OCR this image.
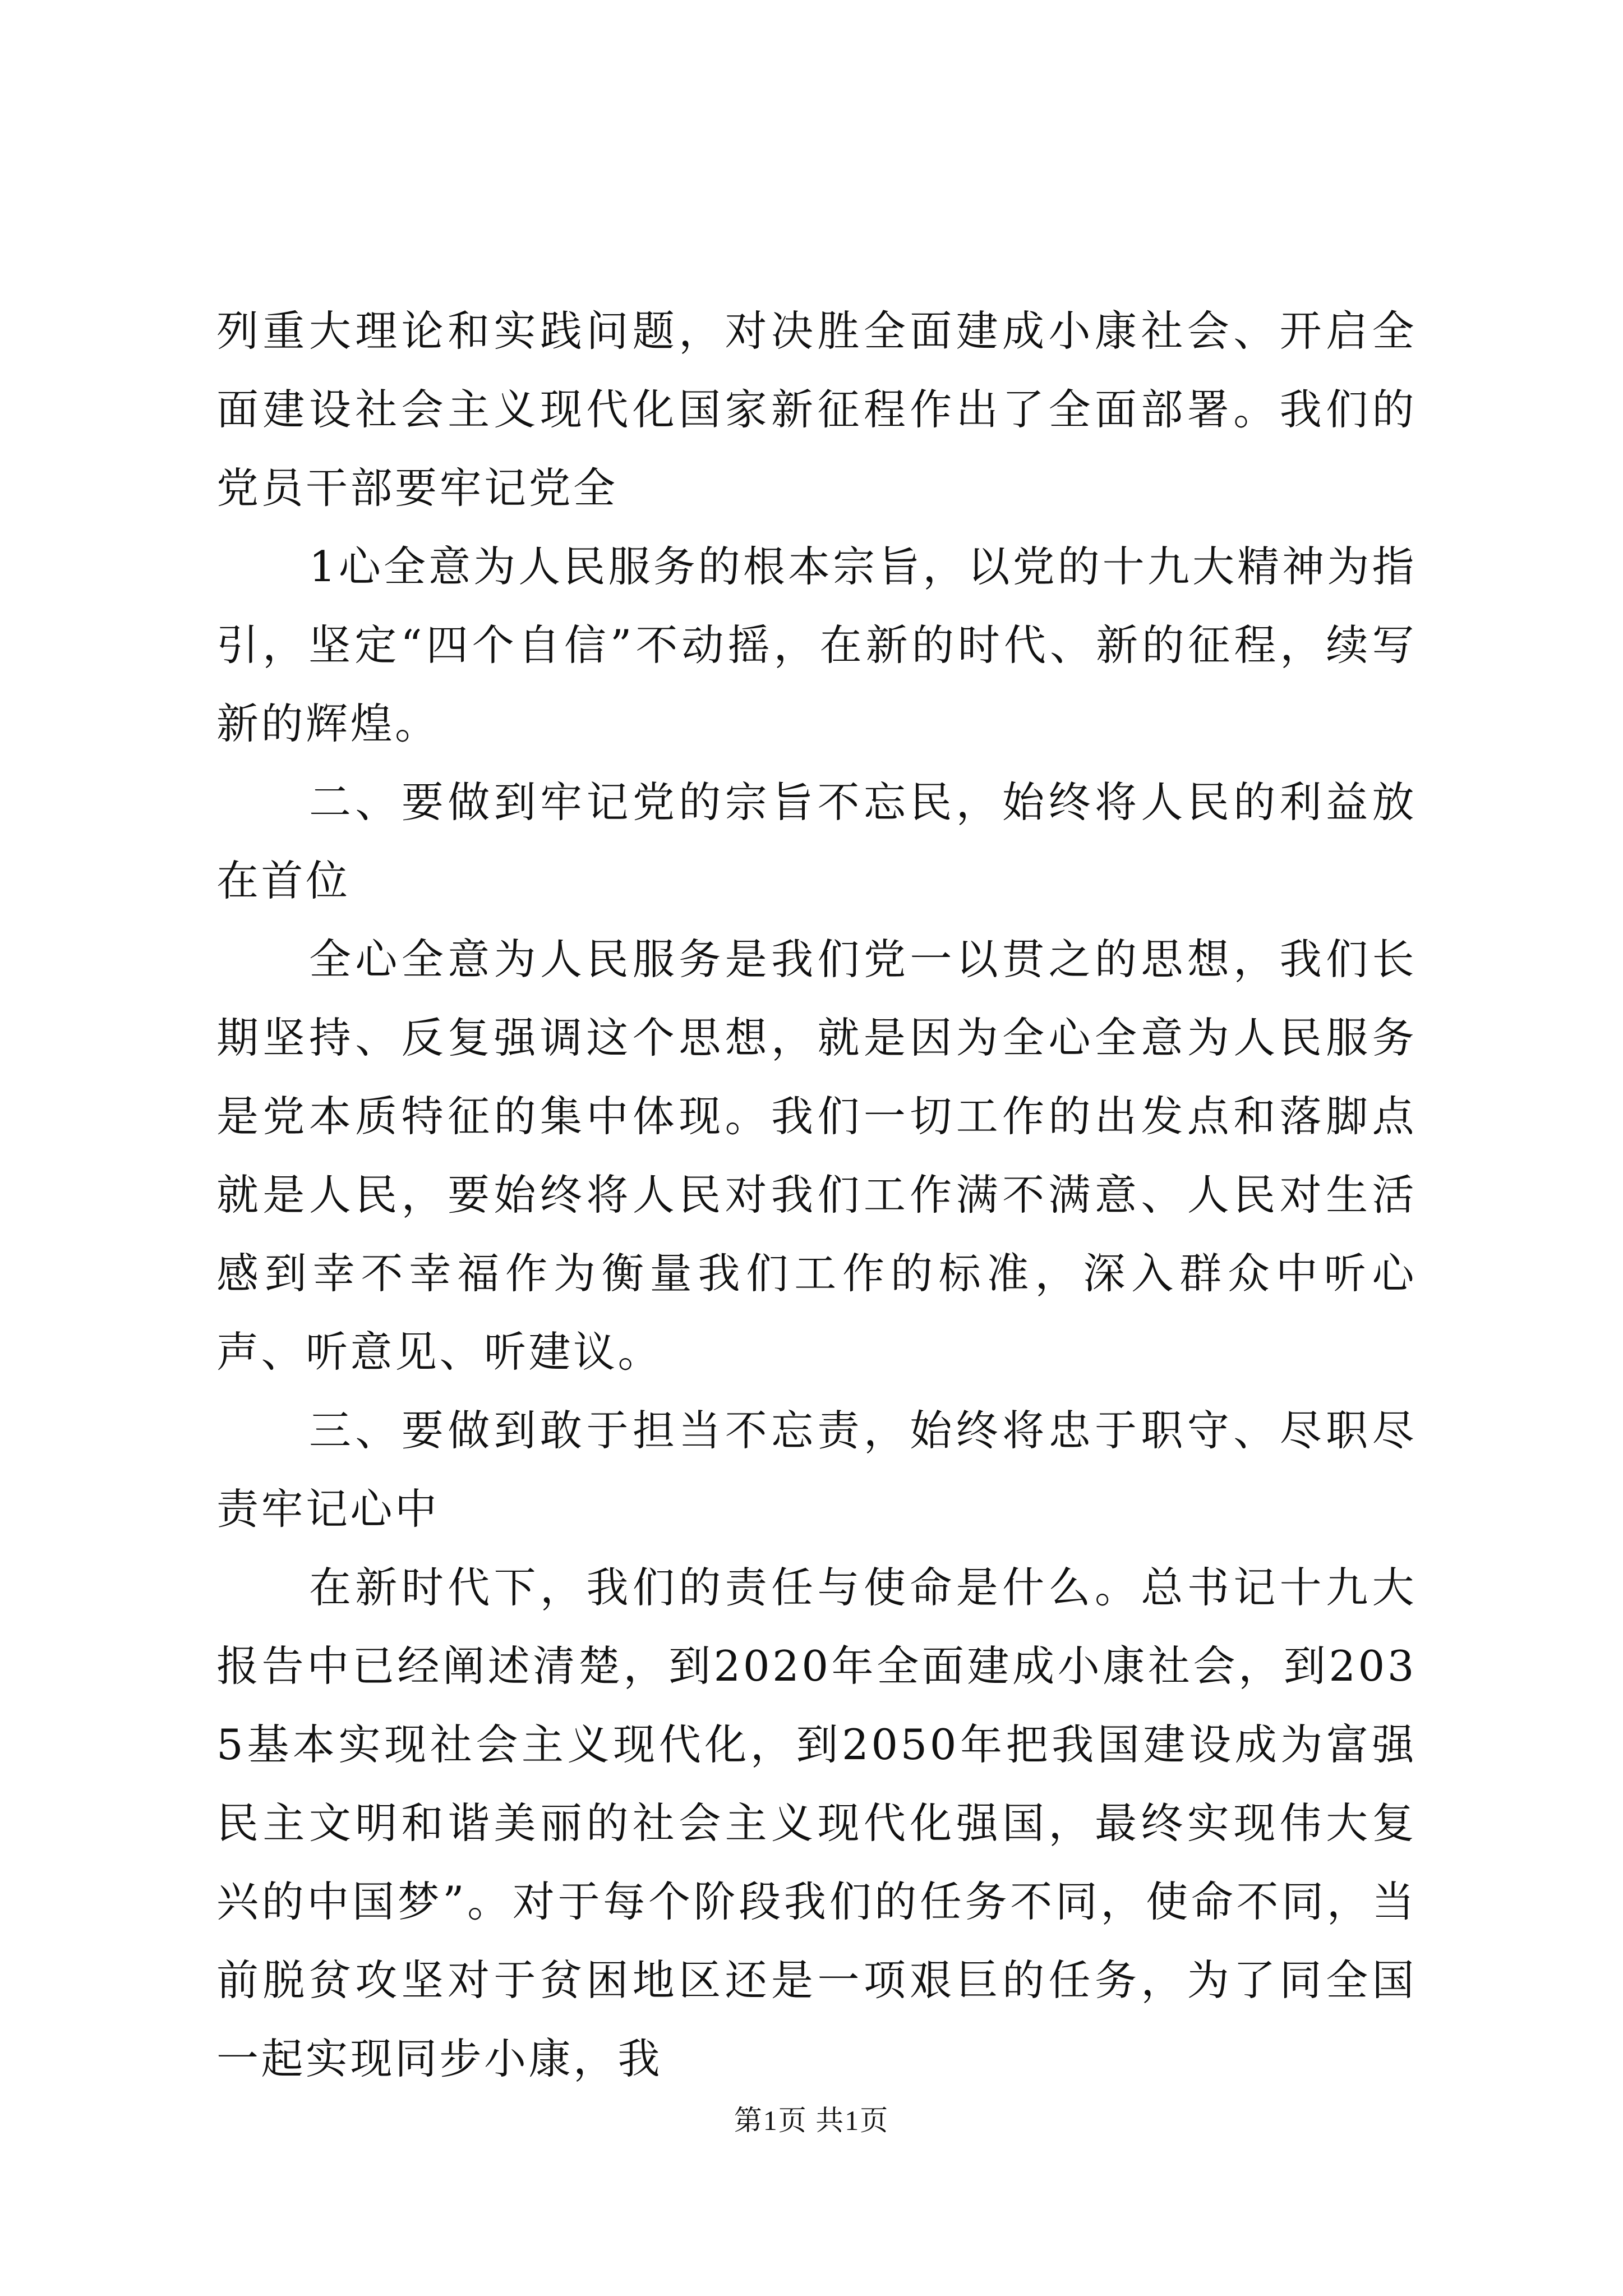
列重大理论和实践问题，对决胜全面建成小康社会、开启全面建设社会主义现代化国家新征程作出了全面部署。我们的党员干部要牢记党全

1心全意为人民服务的根本宗旨，以党的十九大精神为指引，坚定“四个自信”不动摇，在新的时代、新的征程，续写新的辉煌。

二、要做到牢记党的宗旨不忘民，始终将人民的利益放在首位

全心全意为人民服务是我们党一以贯之的思想，我们长期坚持、反复强调这个思想，就是因为全心全意为人民服务是党本质特征的集中体现。我们一切工作的出发点和落脚点就是人民，要始终将人民对我们工作满不满意、人民对生活感到幸不幸福作为衡量我们工作的标准，深入群众中听心声、听意见、听建议。

三、要做到敢于担当不忘责，始终将忠于职守、尽职尽责牢记心中

在新时代下，我们的责任与使命是什么。总书记十九大报告中已经阐述清楚，到2020年全面建成小康社会，到2035基本实现社会主义现代化，到2050年把我国建设成为富强民主文明和谐美丽的社会主义现代化强国，最终实现伟大复兴的中国梦”。对于每个阶段我们的任务不同，使命不同，当前脱贫攻坚对于贫困地区还是一项艰巨的任务，为了同全国一起实现同步小康，我

第1页 共1页
